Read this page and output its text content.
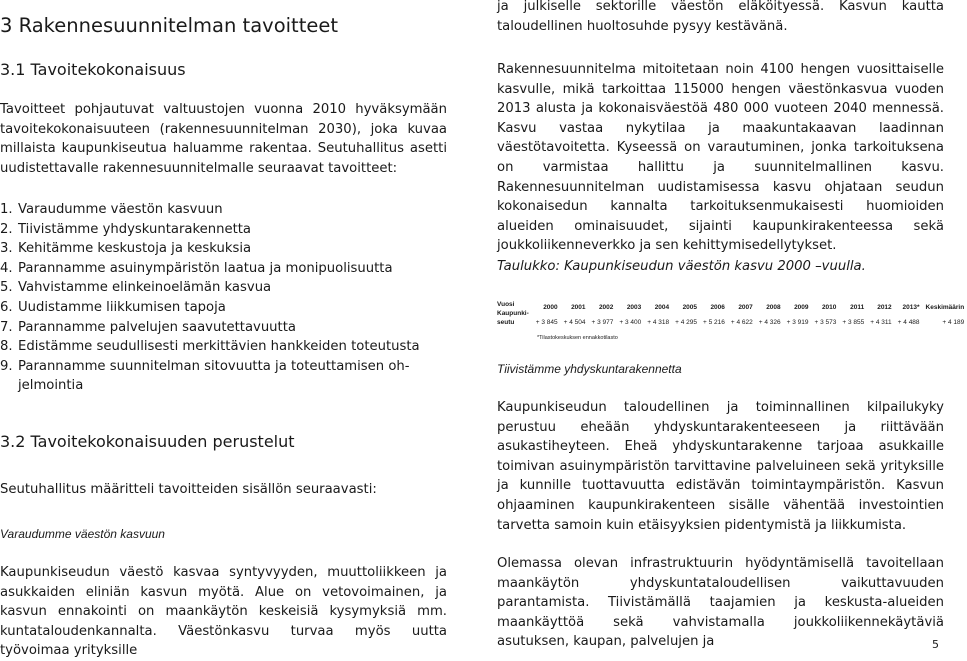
3 Rakennesuunnitelman tavoitteet
3.1 Tavoitekokonaisuus

Tavoitteet pohjautuvat valtuustojen vuonna 2010 hyväksymään tavoitekokonaisuuteen (rakennesuunnitelman 2030), joka kuvaa millaista kaupunkiseutua haluamme rakentaa. Seutuhallitus asetti uudistettavalle rakennesuunnitelmalle seuraavat tavoitteet:

1. Varaudumme väestön kasvuun
2. Tiivistämme yhdyskuntarakennetta
3. Kehitämme keskustoja ja keskuksia
4. Parannamme asuinympäristön laatua ja monipuolisuutta
5. Vahvistamme elinkeinoelämän kasvua
6. Uudistamme liikkumisen tapoja
7. Parannamme palvelujen saavutettavuutta
8. Edistämme seudullisesti merkittävien hankkeiden toteutusta
9. Parannamme suunnitelman sitovuutta ja toteuttamisen oh-jelmointia
3.2 Tavoitekokonaisuuden perustelut

Seutuhallitus määritteli tavoitteiden sisällön seuraavasti:

Varaudumme väestön kasvuun

Kaupunkiseudun väestö kasvaa syntyvyyden, muuttoliikkeen ja asukkaiden eliniän kasvun myötä. Alue on vetovoimainen, ja kasvun ennakointi on maankäytön keskeisiä kysymyksiä mm. kuntataloudenkannalta. Väestönkasvu turvaa myös uutta työvoimaa yrityksille

ja julkiselle sektorille väestön eläköityessä. Kasvun kautta taloudellinen huoltosuhde pysyy kestävänä.

Rakennesuunnitelma mitoitetaan noin 4100 hengen vuosittaiselle kasvulle, mikä tarkoittaa 115000 hengen väestönkasvua vuoden 2013 alusta ja kokonaisväestöä 480 000 vuoteen 2040 mennessä. Kasvu vastaa nykytilaa ja maakuntakaavan laadinnan väestötavoitetta. Kyseessä on varautuminen, jonka tarkoituksena on varmistaa hallittu ja suunnitelmallinen kasvu. Rakennesuunnitelman uudistamisessa kasvu ohjataan seudun kokonaisedun kannalta tarkoituksenmukaisesti huomioiden alueiden ominaisuudet, sijainti kaupunkirakenteessa sekä joukkoliikenneverkko ja sen kehittymisedellytykset.

Taulukko: Kaupunkiseudun väestön kasvu 2000 –vuulla.

Vuosi Kaupunki-seutu	2000	2001	2002	2003	2004	2005	2006	2007	2008	2009	2010	2011	2012	2013*	Keskimäärin
	+ 3 845	+ 4 504	+ 3 977	+ 3 400	+ 4 318	+ 4 295	+ 5 216	+ 4 622	+ 4 326	+ 3 919	+ 3 573	+ 3 855	+ 4 311	+ 4 488	+ 4 189
*Tilastokeskuksen ennakkotilasto

Tiivistämme yhdyskuntarakennetta

Kaupunkiseudun taloudellinen ja toiminnallinen kilpailukyky perustuu eheään yhdyskuntarakenteeseen ja riittävään asukastiheyteen. Eheä yhdyskuntarakenne tarjoaa asukkaille toimivan asuinympäristön tarvittavine palveluineen sekä yrityksille ja kunnille tuottavuutta edistävän toimintaympäristön. Kasvun ohjaaminen kaupunkirakenteen sisälle vähentää investointien tarvetta samoin kuin etäisyyksien pidentymistä ja liikkumista.

Olemassa olevan infrastruktuurin hyödyntämisellä tavoitellaan maankäytön yhdyskuntataloudellisen vaikuttavuuden parantamista. Tiivistämällä taajamien ja keskusta-alueiden maankäyttöä sekä vahvistamalla joukkoliikennekäytäviä asutuksen, kaupan, palvelujen ja	5
